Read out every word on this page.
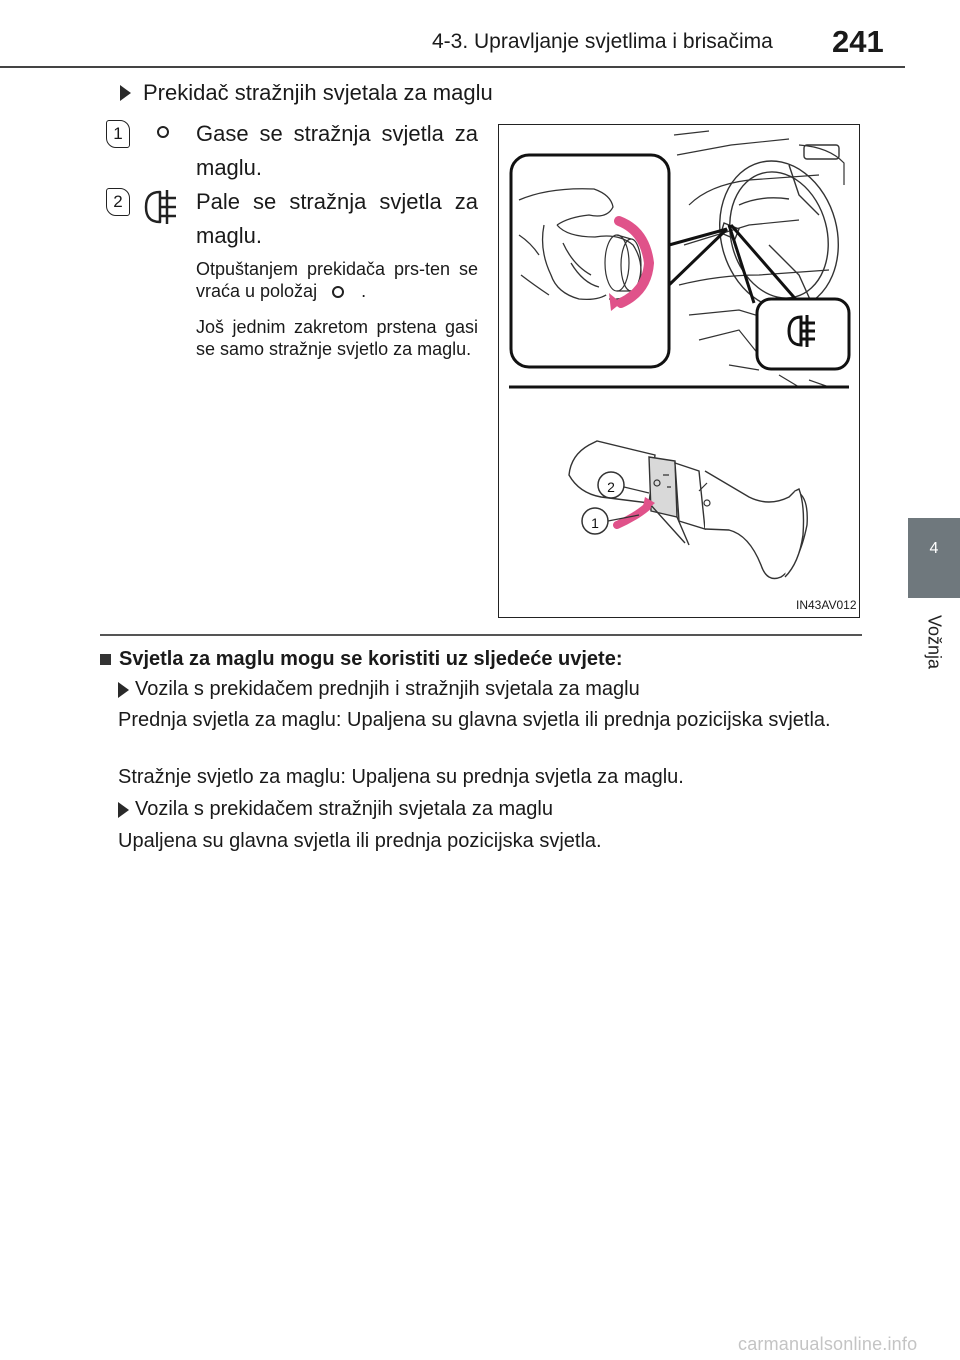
4-3. Upravljanje svjetlima i brisačima 241
4
Vožnja
Prekidač stražnjih svjetala za maglu
1	Gase se stražnja svjetla za maglu.
2	Pale se stražnja svjetla za maglu.
Otpuštanjem prekidača prs-ten se vraća u položaj .
Još jednim zakretom prstena gasi se samo stražnje svjetlo za maglu.
2
1
IN43AV012
Svjetla za maglu mogu se koristiti uz sljedeće uvjete:
Vozila s prekidačem prednjih i stražnjih svjetala za maglu
Prednja svjetla za maglu: Upaljena su glavna svjetla ili prednja pozicijska svjetla.
Stražnje svjetlo za maglu: Upaljena su prednja svjetla za maglu.
Vozila s prekidačem stražnjih svjetala za maglu
Upaljena su glavna svjetla ili prednja pozicijska svjetla.
carmanualsonline.info
